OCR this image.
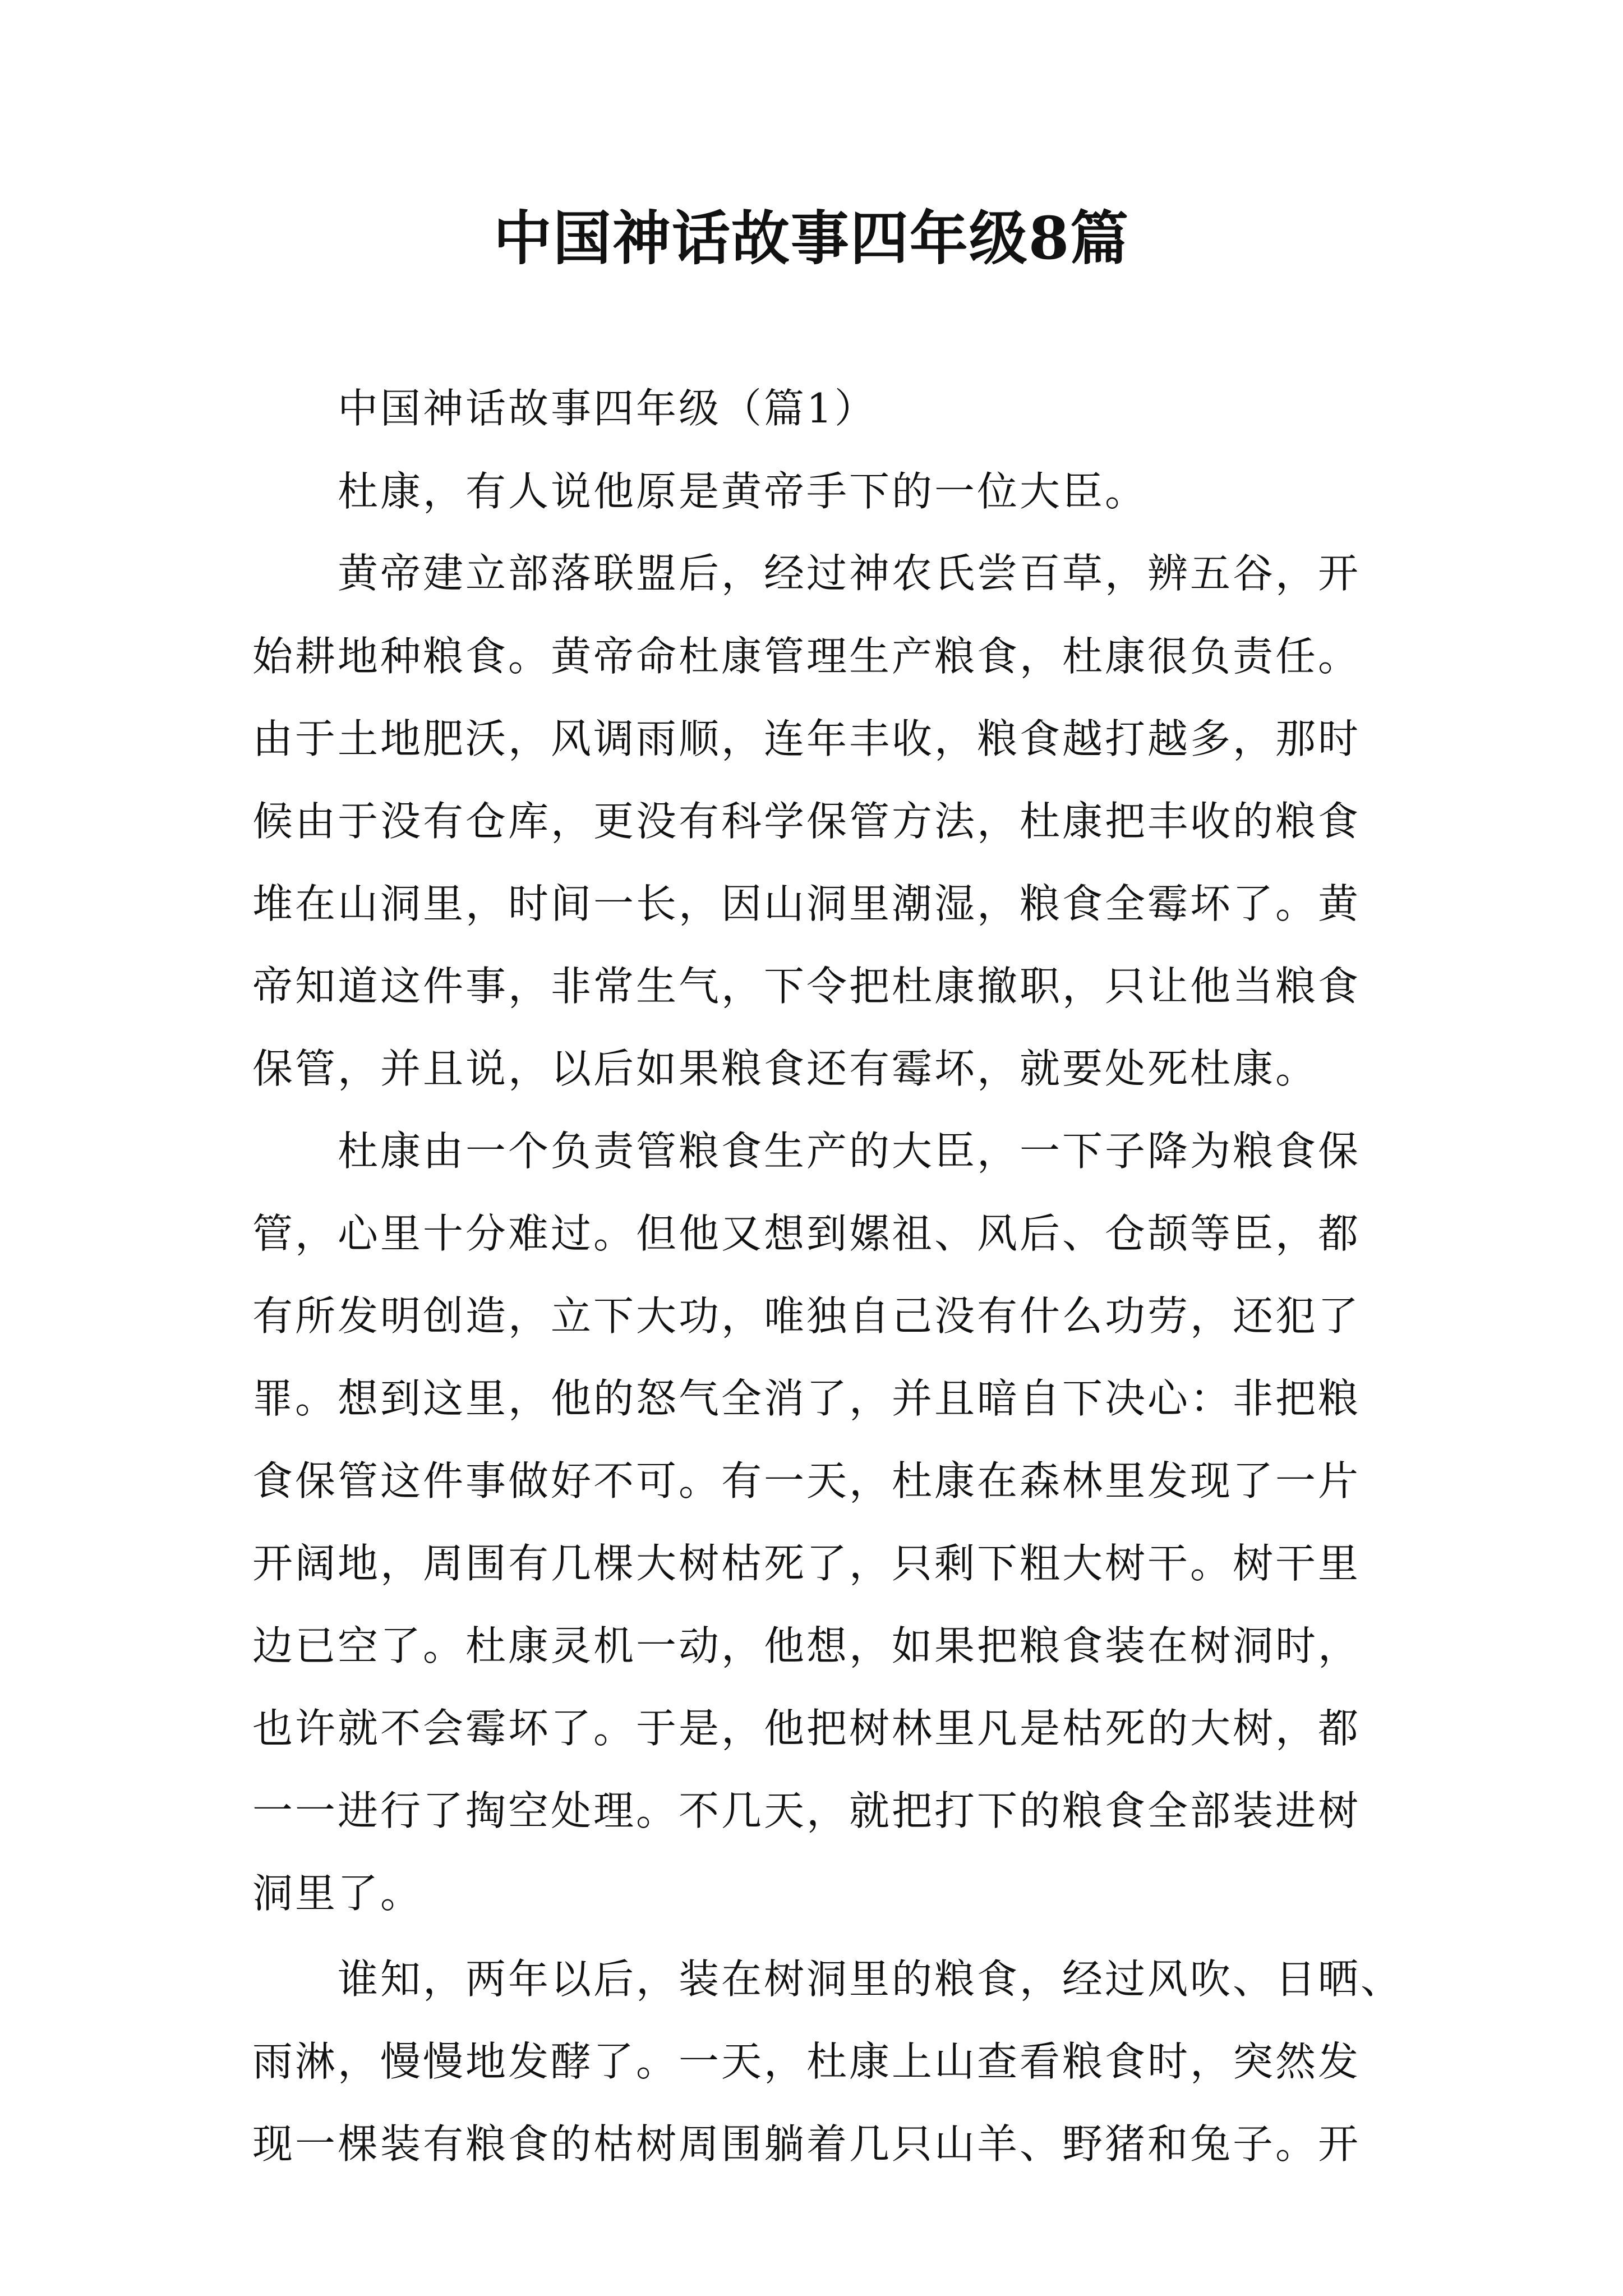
中国神话故事四年级8篇
中国神话故事四年级（篇1）
杜康，有人说他原是黄帝手下的一位大臣。
黄帝建立部落联盟后，经过神农氏尝百草，辨五谷，开
始耕地种粮食。黄帝命杜康管理生产粮食，杜康很负责任。
由于土地肥沃，风调雨顺，连年丰收，粮食越打越多，那时
候由于没有仓库，更没有科学保管方法，杜康把丰收的粮食
堆在山洞里，时间一长，因山洞里潮湿，粮食全霉坏了。黄
帝知道这件事，非常生气，下令把杜康撤职，只让他当粮食
保管，并且说，以后如果粮食还有霉坏，就要处死杜康。
杜康由一个负责管粮食生产的大臣，一下子降为粮食保
管，心里十分难过。但他又想到嫘祖、风后、仓颉等臣，都
有所发明创造，立下大功，唯独自己没有什么功劳，还犯了
罪。想到这里，他的怒气全消了，并且暗自下决心：非把粮
食保管这件事做好不可。有一天，杜康在森林里发现了一片
开阔地，周围有几棵大树枯死了，只剩下粗大树干。树干里
边已空了。杜康灵机一动，他想，如果把粮食装在树洞时，
也许就不会霉坏了。于是，他把树林里凡是枯死的大树，都
一一进行了掏空处理。不几天，就把打下的粮食全部装进树
洞里了。
谁知，两年以后，装在树洞里的粮食，经过风吹、日晒、
雨淋，慢慢地发酵了。一天，杜康上山查看粮食时，突然发
现一棵装有粮食的枯树周围躺着几只山羊、野猪和兔子。开
